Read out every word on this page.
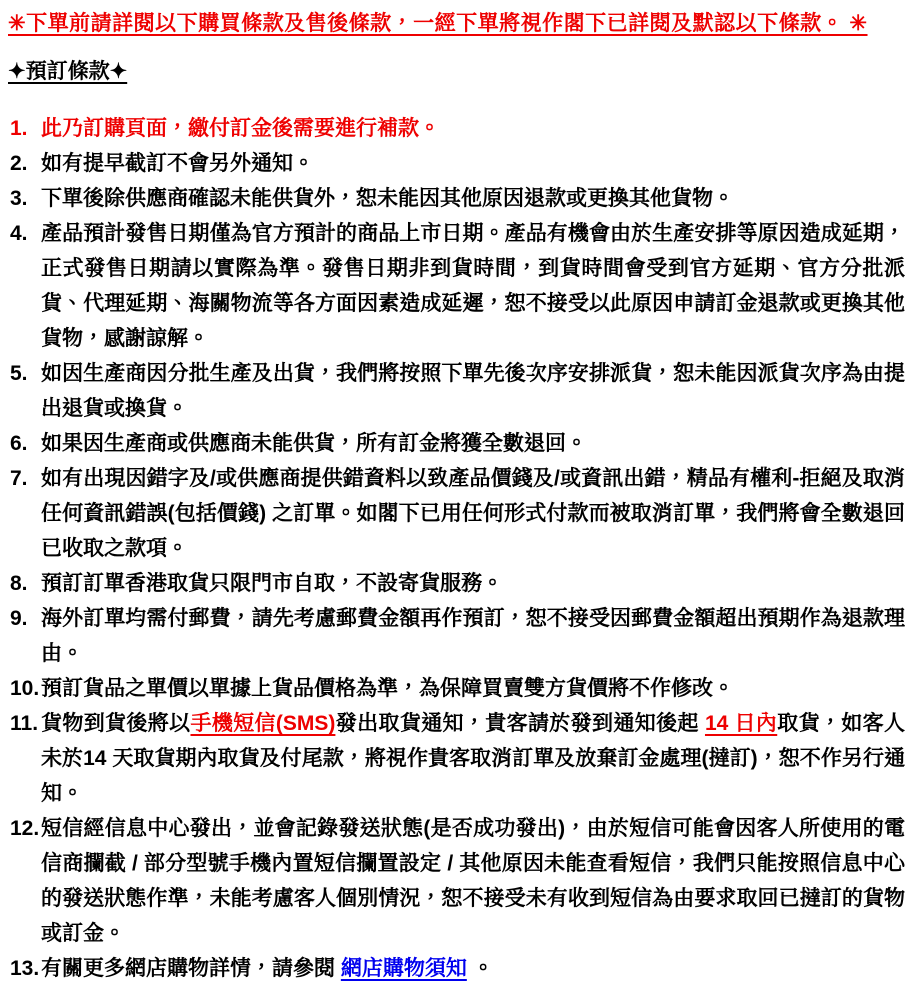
✳下單前請詳閱以下購買條款及售後條款，一經下單將視作閣下已詳閱及默認以下條款。 ✳
✦預訂條款✦
1. 此乃訂購頁面，繳付訂金後需要進行補款。
2. 如有提早截訂不會另外通知。
3. 下單後除供應商確認未能供貨外，恕未能因其他原因退款或更換其他貨物。
4. 產品預計發售日期僅為官方預計的商品上市日期。產品有機會由於生產安排等原因造成延期，正式發售日期請以實際為準。發售日期非到貨時間，到貨時間會受到官方延期、官方分批派貨、代理延期、海關物流等各方面因素造成延遲，恕不接受以此原因申請訂金退款或更換其他貨物，感謝諒解。
5. 如因生產商因分批生產及出貨，我們將按照下單先後次序安排派貨，恕未能因派貨次序為由提出退貨或換貨。
6. 如果因生產商或供應商未能供貨，所有訂金將獲全數退回。
7. 如有出現因錯字及/或供應商提供錯資料以致產品價錢及/或資訊出錯，精品有權利-拒絕及取消任何資訊錯誤(包括價錢) 之訂單。如閣下已用任何形式付款而被取消訂單，我們將會全數退回已收取之款項。
8. 預訂訂單香港取貨只限門市自取，不設寄貨服務。
9. 海外訂單均需付郵費，請先考慮郵費金額再作預訂，恕不接受因郵費金額超出預期作為退款理由。
10. 預訂貨品之單價以單據上貨品價格為準，為保障買賣雙方貨價將不作修改。
11. 貨物到貨後將以手機短信(SMS)發出取貨通知，貴客請於發到通知後起 14 日內取貨，如客人未於14 天取貨期內取貨及付尾款，將視作貴客取消訂單及放棄訂金處理(撻訂)，恕不作另行通知。
12. 短信經信息中心發出，並會記錄發送狀態(是否成功發出)，由於短信可能會因客人所使用的電信商攔截 / 部分型號手機內置短信攔置設定 / 其他原因未能查看短信，我們只能按照信息中心的發送狀態作準，未能考慮客人個別情況，恕不接受未有收到短信為由要求取回已撻訂的貨物或訂金。
13. 有關更多網店購物詳情，請參閱 網店購物須知 。
